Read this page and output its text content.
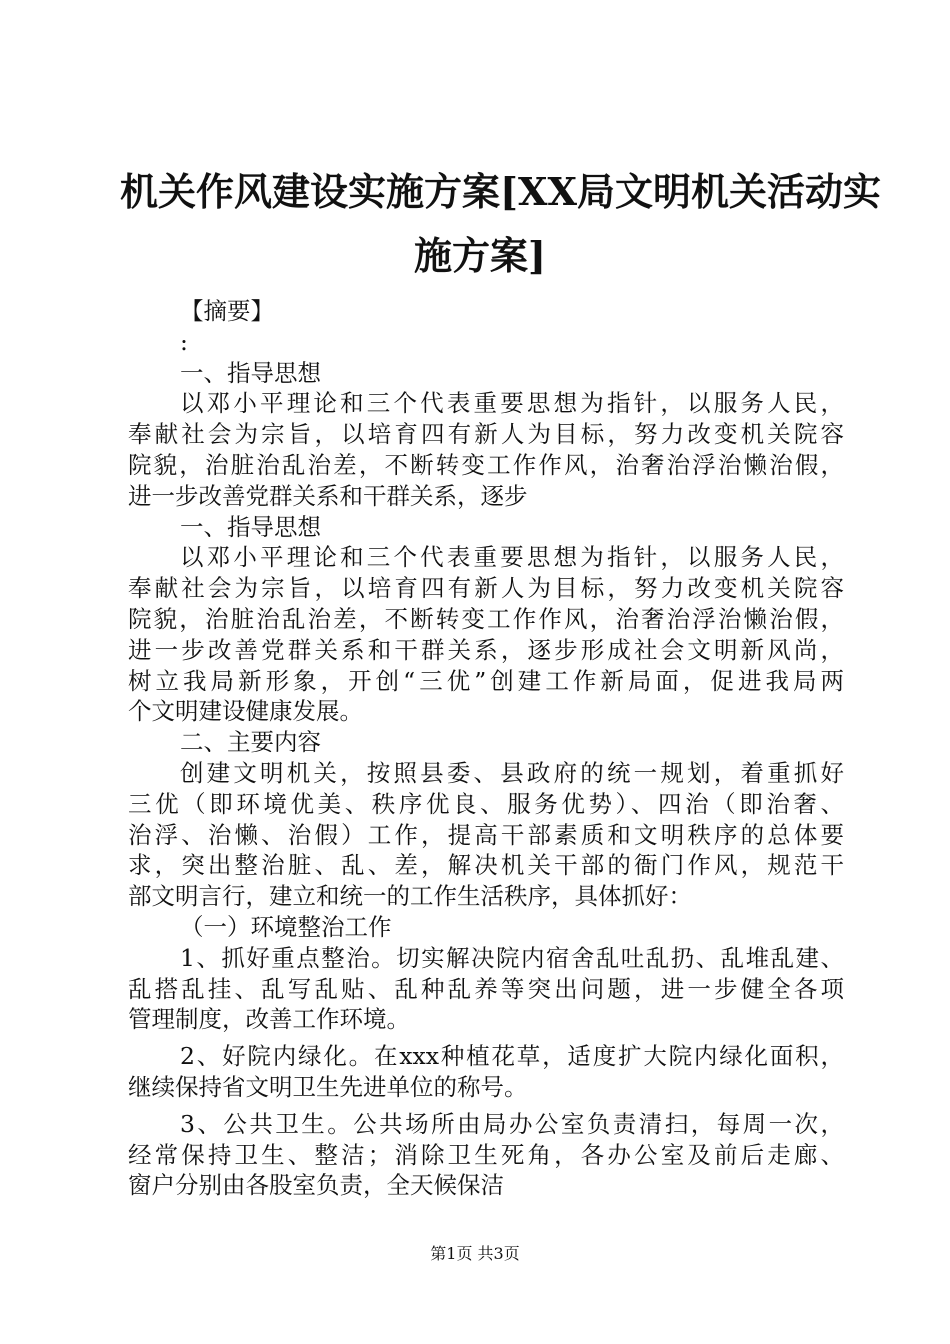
机关作风建设实施方案[XX局文明机关活动实
施方案]
【摘要】
:
一、指导思想
以邓小平理论和三个代表重要思想为指针，以服务人民，
奉献社会为宗旨，以培育四有新人为目标，努力改变机关院容
院貌，治脏治乱治差，不断转变工作作风，治奢治浮治懒治假，
进一步改善党群关系和干群关系，逐步
一、指导思想
以邓小平理论和三个代表重要思想为指针，以服务人民，
奉献社会为宗旨，以培育四有新人为目标，努力改变机关院容
院貌，治脏治乱治差，不断转变工作作风，治奢治浮治懒治假，
进一步改善党群关系和干群关系，逐步形成社会文明新风尚，
树立我局新形象，开创“三优”创建工作新局面，促进我局两
个文明建设健康发展。
二、主要内容
创建文明机关，按照县委、县政府的统一规划，着重抓好
三优（即环境优美、秩序优良、服务优势）、四治（即治奢、
治浮、治懒、治假）工作，提高干部素质和文明秩序的总体要
求，突出整治脏、乱、差，解决机关干部的衙门作风，规范干
部文明言行，建立和统一的工作生活秩序，具体抓好：
（一）环境整治工作
1、抓好重点整治。切实解决院内宿舍乱吐乱扔、乱堆乱建、
乱搭乱挂、乱写乱贴、乱种乱养等突出问题，进一步健全各项
管理制度，改善工作环境。
2、好院内绿化。在xxx种植花草，适度扩大院内绿化面积，
继续保持省文明卫生先进单位的称号。
3、公共卫生。公共场所由局办公室负责清扫，每周一次，
经常保持卫生、整洁；消除卫生死角，各办公室及前后走廊、
窗户分别由各股室负责，全天候保洁
第1页 共3页
